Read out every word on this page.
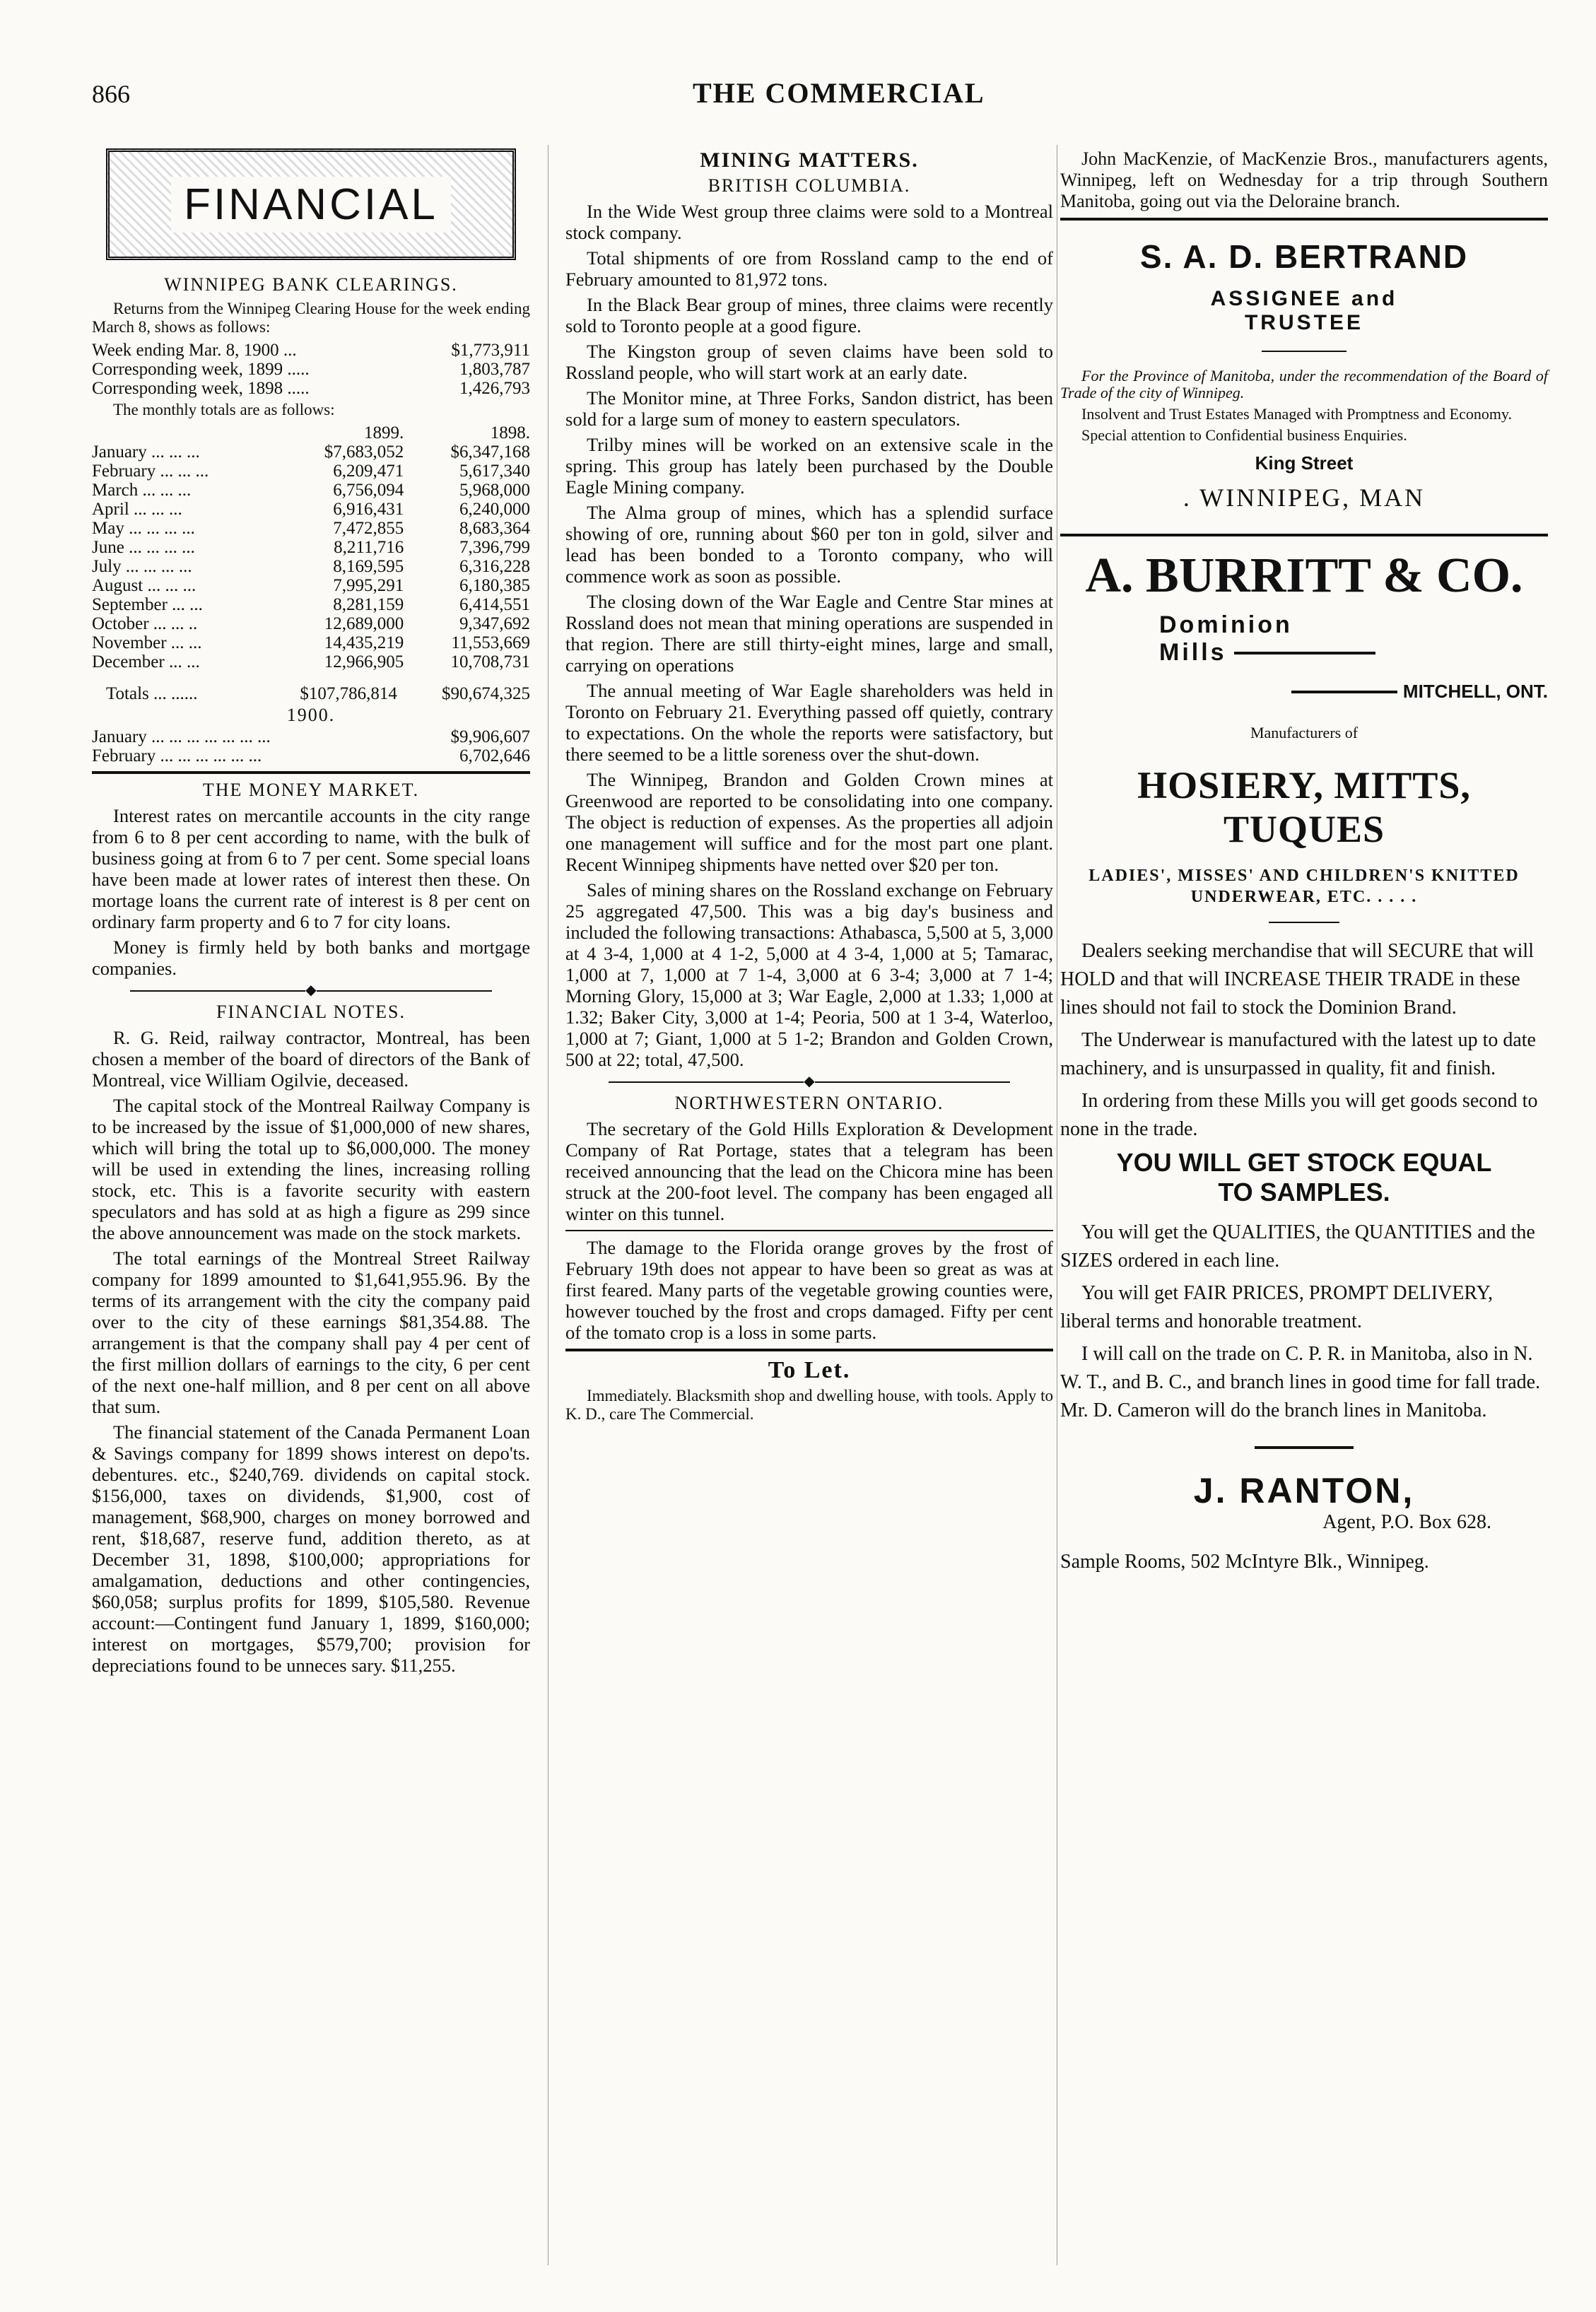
866	THE COMMERCIAL
FINANCIAL
WINNIPEG BANK CLEARINGS.

Returns from the Winnipeg Clearing House for the week ending March 8, shows as follows:

Week ending Mar. 8, 1900 ...	$1,773,911
Corresponding week, 1899 .....	1,803,787
Corresponding week, 1898 .....	1,426,793

The monthly totals are as follows:

	1899.	1898.
January ... ... ...	$7,683,052	$6,347,168
February ... ... ...	6,209,471	5,617,340
March ... ... ...	6,756,094	5,968,000
April ... ... ...	6,916,431	6,240,000
May ... ... ... ...	7,472,855	8,683,364
June ... ... ... ...	8,211,716	7,396,799
July ... ... ... ...	8,169,595	6,316,228
August ... ... ...	7,995,291	6,180,385
September ... ...	8,281,159	6,414,551
October ... ... ..	12,689,000	9,347,692
November ... ...	14,435,219	11,553,669
December ... ...	12,966,905	10,708,731
Totals ... ......	$107,786,814	$90,674,325
1900.
January ... ... ... ... ... ... ...	$9,906,607
February ... ... ... ... ... ...	6,702,646
THE MONEY MARKET.

Interest rates on mercantile accounts in the city range from 6 to 8 per cent according to name, with the bulk of business going at from 6 to 7 per cent. Some special loans have been made at lower rates of interest then these. On mortage loans the current rate of interest is 8 per cent on ordinary farm property and 6 to 7 for city loans.

Money is firmly held by both banks and mortgage companies.

◆
FINANCIAL NOTES.

R. G. Reid, railway contractor, Montreal, has been chosen a member of the board of directors of the Bank of Montreal, vice William Ogilvie, deceased.

The capital stock of the Montreal Railway Company is to be increased by the issue of $1,000,000 of new shares, which will bring the total up to $6,000,000. The money will be used in extending the lines, increasing rolling stock, etc. This is a favorite security with eastern speculators and has sold at as high a figure as 299 since the above announcement was made on the stock markets.

The total earnings of the Montreal Street Railway company for 1899 amounted to $1,641,955.96. By the terms of its arrangement with the city the company paid over to the city of these earnings $81,354.88. The arrangement is that the company shall pay 4 per cent of the first million dollars of earnings to the city, 6 per cent of the next one-half million, and 8 per cent on all above that sum.

The financial statement of the Canada Permanent Loan & Savings company for 1899 shows interest on depo'ts. debentures. etc., $240,769. dividends on capital stock. $156,000, taxes on dividends, $1,900, cost of management, $68,900, charges on money borrowed and rent, $18,687, reserve fund, addition thereto, as at December 31, 1898, $100,000; appropriations for amalgamation, deductions and other contingencies, $60,058; surplus profits for 1899, $105,580. Revenue account:—Contingent fund January 1, 1899, $160,000; interest on mortgages, $579,700; provision for depreciations found to be unneces sary. $11,255.

MINING MATTERS.
BRITISH COLUMBIA.

In the Wide West group three claims were sold to a Montreal stock company.

Total shipments of ore from Rossland camp to the end of February amounted to 81,972 tons.

In the Black Bear group of mines, three claims were recently sold to Toronto people at a good figure.

The Kingston group of seven claims have been sold to Rossland people, who will start work at an early date.

The Monitor mine, at Three Forks, Sandon district, has been sold for a large sum of money to eastern speculators.

Trilby mines will be worked on an extensive scale in the spring. This group has lately been purchased by the Double Eagle Mining company.

The Alma group of mines, which has a splendid surface showing of ore, running about $60 per ton in gold, silver and lead has been bonded to a Toronto company, who will commence work as soon as possible.

The closing down of the War Eagle and Centre Star mines at Rossland does not mean that mining operations are suspended in that region. There are still thirty-eight mines, large and small, carrying on operations

The annual meeting of War Eagle shareholders was held in Toronto on February 21. Everything passed off quietly, contrary to expectations. On the whole the reports were satisfactory, but there seemed to be a little soreness over the shut-down.

The Winnipeg, Brandon and Golden Crown mines at Greenwood are reported to be consolidating into one company. The object is reduction of expenses. As the properties all adjoin one management will suffice and for the most part one plant. Recent Winnipeg shipments have netted over $20 per ton.

Sales of mining shares on the Rossland exchange on February 25 aggregated 47,500. This was a big day's business and included the following transactions: Athabasca, 5,500 at 5, 3,000 at 4 3-4, 1,000 at 4 1-2, 5,000 at 4 3-4, 1,000 at 5; Tamarac, 1,000 at 7, 1,000 at 7 1-4, 3,000 at 6 3-4; 3,000 at 7 1-4; Morning Glory, 15,000 at 3; War Eagle, 2,000 at 1.33; 1,000 at 1.32; Baker City, 3,000 at 1-4; Peoria, 500 at 1 3-4, Waterloo, 1,000 at 7; Giant, 1,000 at 5 1-2; Brandon and Golden Crown, 500 at 22; total, 47,500.

◆
NORTHWESTERN ONTARIO.

The secretary of the Gold Hills Exploration & Development Company of Rat Portage, states that a telegram has been received announcing that the lead on the Chicora mine has been struck at the 200-foot level. The company has been engaged all winter on this tunnel.

The damage to the Florida orange groves by the frost of February 19th does not appear to have been so great as was at first feared. Many parts of the vegetable growing counties were, however touched by the frost and crops damaged. Fifty per cent of the tomato crop is a loss in some parts.

To Let.

Immediately. Blacksmith shop and dwelling house, with tools. Apply to K. D., care The Commercial.

John MacKenzie, of MacKenzie Bros., manufacturers agents, Winnipeg, left on Wednesday for a trip through Southern Manitoba, going out via the Deloraine branch.

S. A. D. BERTRAND
ASSIGNEE and
TRUSTEE

For the Province of Manitoba, under the recommendation of the Board of Trade of the city of Winnipeg.

Insolvent and Trust Estates Managed with Promptness and Economy.

Special attention to Confidential business Enquiries.

King Street
. WINNIPEG, MAN
A. BURRITT & CO.
Dominion
Mills
MITCHELL, ONT.
Manufacturers of
HOSIERY, MITTS, TUQUES
LADIES', MISSES' AND CHILDREN'S KNITTED UNDERWEAR, ETC. . . . .

Dealers seeking merchandise that will SECURE that will HOLD and that will INCREASE THEIR TRADE in these lines should not fail to stock the Dominion Brand.

The Underwear is manufactured with the latest up to date machinery, and is unsurpassed in quality, fit and finish.

In ordering from these Mills you will get goods second to none in the trade.

YOU WILL GET STOCK EQUAL
TO SAMPLES.

You will get the QUALITIES, the QUANTITIES and the SIZES ordered in each line.

You will get FAIR PRICES, PROMPT DELIVERY, liberal terms and honorable treatment.

I will call on the trade on C. P. R. in Manitoba, also in N. W. T., and B. C., and branch lines in good time for fall trade. Mr. D. Cameron will do the branch lines in Manitoba.

J. RANTON,
Agent, P.O. Box 628.

Sample Rooms, 502 McIntyre Blk., Winnipeg.
